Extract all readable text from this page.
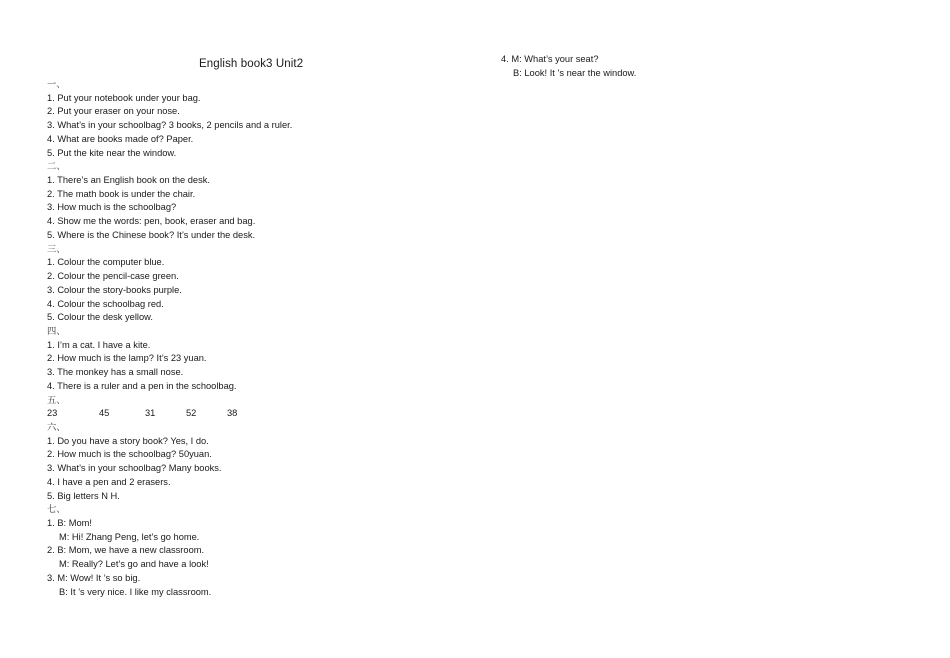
English book3 Unit2
一、
1. Put your notebook under your bag.
2. Put your eraser on your nose.
3. What’s in your schoolbag? 3 books, 2 pencils and a ruler.
4. What are books made of? Paper.
5. Put the kite near the window.
二、
1. There’s an English book on the desk.
2. The math book is under the chair.
3. How much is the schoolbag?
4. Show me the words: pen, book, eraser and bag.
5. Where is the Chinese book? It’s under the desk.
三、
1. Colour the computer blue.
2. Colour the pencil-case green.
3. Colour the story-books purple.
4. Colour the schoolbag red.
5. Colour the desk yellow.
四、
1. I’m a cat. I have a kite.
2. How much is the lamp? It’s 23 yuan.
3. The monkey has a small nose.
4. There is a ruler and a pen in the schoolbag.
五、
23	45	31	52	38
六、
1. Do you have a story book? Yes, I do.
2. How much is the schoolbag? 50yuan.
3. What’s in your schoolbag? Many books.
4. I have a pen and 2 erasers.
5. Big letters N H.
七、
1. B: Mom!
M: Hi! Zhang Peng, let’s go home.
2. B: Mom, we have a new classroom.
M: Really? Let’s go and have a look!
3. M: Wow! It ’s so big.
B: It ’s very nice. I like my classroom.
4. M: What’s your seat?
B: Look! It ’s near the window.
